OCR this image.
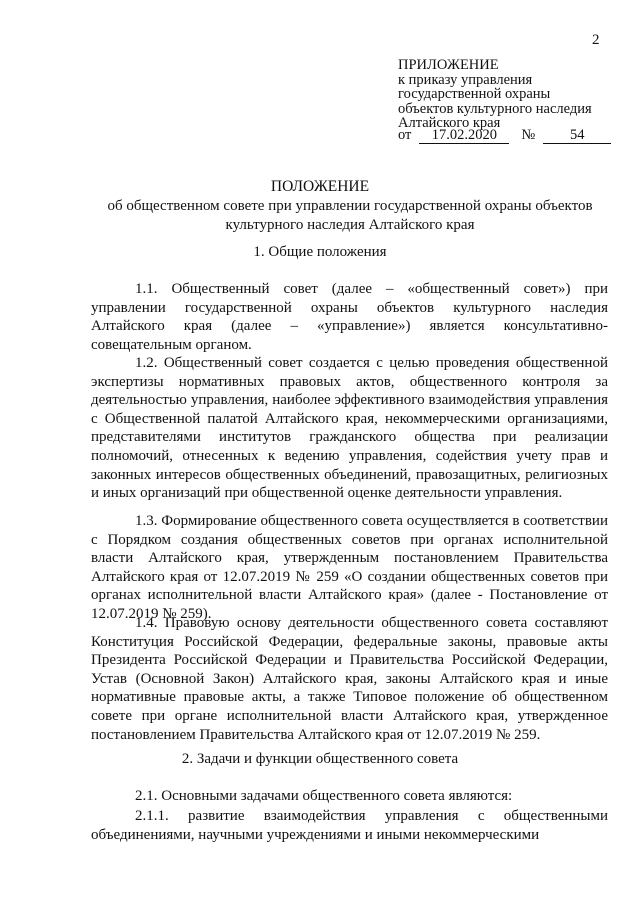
2
ПРИЛОЖЕНИЕ
к приказу управления
государственной охраны
объектов культурного наследия
Алтайского края
от 17.02.2020 № 54
ПОЛОЖЕНИЕ
об общественном совете при управлении государственной охраны объектов культурного наследия Алтайского края
1. Общие положения
1.1. Общественный совет (далее – «общественный совет») при управлении государственной охраны объектов культурного наследия Алтайского края (далее – «управление») является консультативно-совещательным органом.
1.2. Общественный совет создается с целью проведения общественной экспертизы нормативных правовых актов, общественного контроля за деятельностью управления, наиболее эффективного взаимодействия управления с Общественной палатой Алтайского края, некоммерческими организациями, представителями институтов гражданского общества при реализации полномочий, отнесенных к ведению управления, содействия учету прав и законных интересов общественных объединений, правозащитных, религиозных и иных организаций при общественной оценке деятельности управления.
1.3. Формирование общественного совета осуществляется в соответствии с Порядком создания общественных советов при органах исполнительной власти Алтайского края, утвержденным постановлением Правительства Алтайского края от 12.07.2019 № 259 «О создании общественных советов при органах исполнительной власти Алтайского края» (далее - Постановление от 12.07.2019 № 259).
1.4. Правовую основу деятельности общественного совета составляют Конституция Российской Федерации, федеральные законы, правовые акты Президента Российской Федерации и Правительства Российской Федерации, Устав (Основной Закон) Алтайского края, законы Алтайского края и иные нормативные правовые акты, а также Типовое положение об общественном совете при органе исполнительной власти Алтайского края, утвержденное постановлением Правительства Алтайского края от 12.07.2019 № 259.
2. Задачи и функции общественного совета
2.1. Основными задачами общественного совета являются:
2.1.1. развитие взаимодействия управления с общественными объединениями, научными учреждениями и иными некоммерческими
